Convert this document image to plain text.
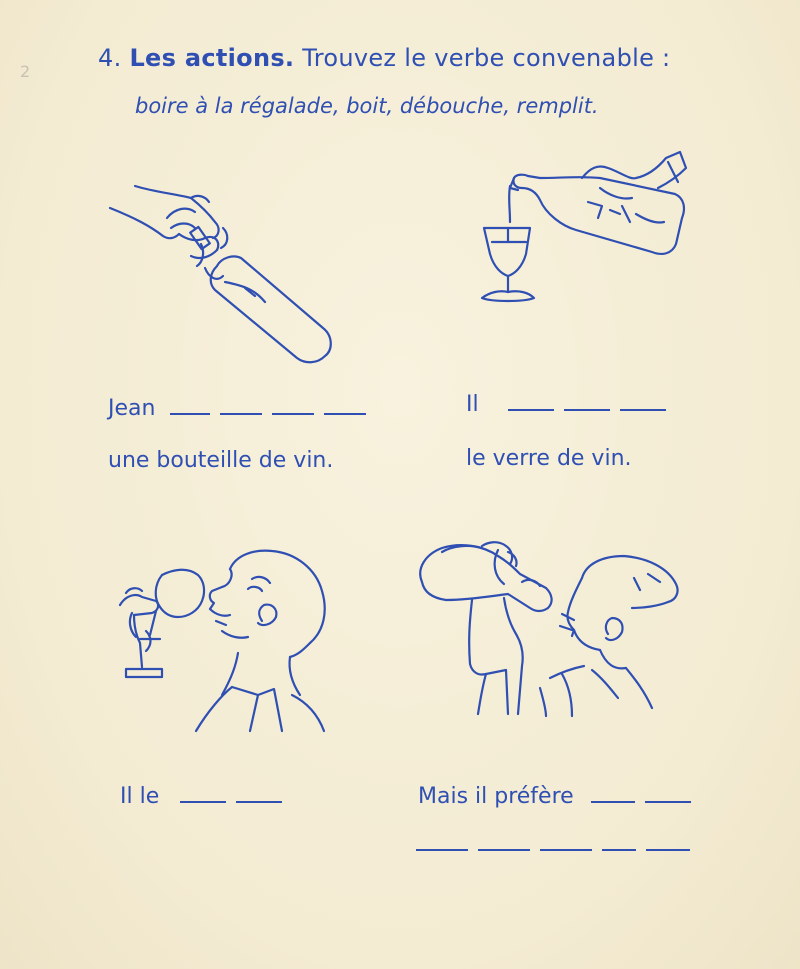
2	4. Les actions. Trouvez le verbe convenable :
boire à la régalade, boit, débouche, remplit.
Jean
une bouteille de vin.
Il
le verre de vin.
Il le	Mais il préfère
